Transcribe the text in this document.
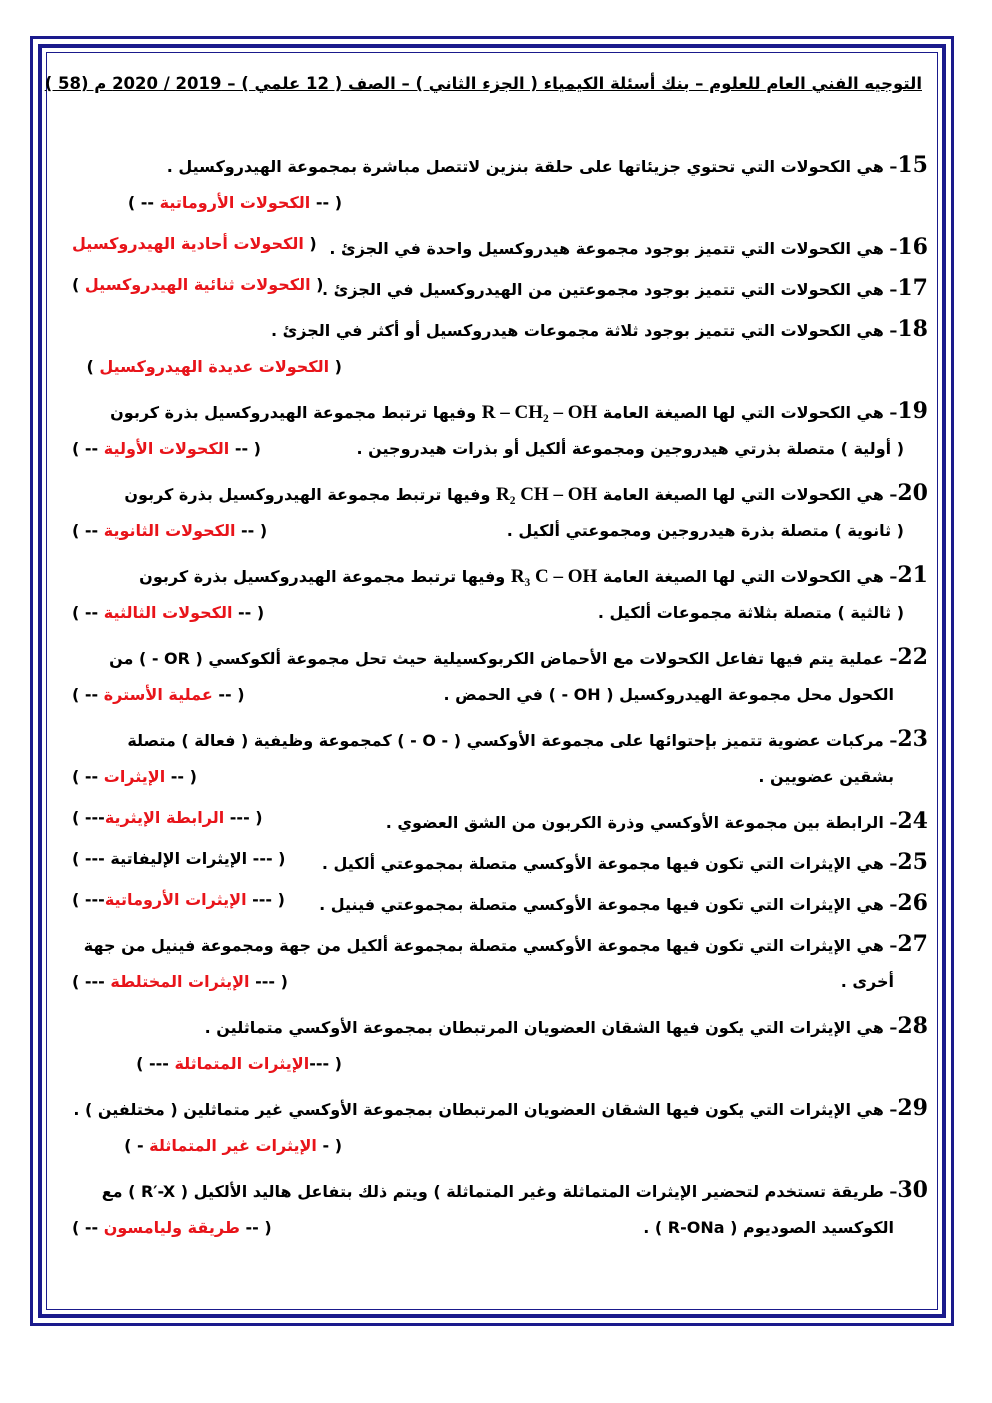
التوجيه الفني العام للعلوم – بنك أسئلة الكيمياء ( الجزء الثاني ) – الصف ( 12 علمي ) – 2019 / 2020 م (58 )
15– هي الكحولات التي تحتوي جزيئاتها على حلقة بنزين لاتتصل مباشرة بمجموعة الهيدروكسيل .
( -- الكحولات الأروماتية -- )
16– هي الكحولات التي تتميز بوجود مجموعة هيدروكسيل واحدة في الجزئ .
( الكحولات أحادية الهيدروكسيل
17– هي الكحولات التي تتميز بوجود مجموعتين من الهيدروكسيل في الجزئ .
( الكحولات ثنائية الهيدروكسيل )
18– هي الكحولات التي تتميز بوجود ثلاثة مجموعات هيدروكسيل أو أكثر في الجزئ .
( الكحولات عديدة الهيدروكسيل )
19– هي الكحولات التي لها الصيغة العامة R – CH₂ – OH وفيها ترتبط مجموعة الهيدروكسيل بذرة كربون
( أولية ) متصلة بذرتي هيدروجين ومجموعة ألكيل أو بذرات هيدروجين .
( -- الكحولات الأولية -- )
20– هي الكحولات التي لها الصيغة العامة R₂ CH – OH وفيها ترتبط مجموعة الهيدروكسيل بذرة كربون
( ثانوية ) متصلة بذرة هيدروجين ومجموعتي ألكيل .
( -- الكحولات الثانوية -- )
21– هي الكحولات التي لها الصيغة العامة R₃ C – OH وفيها ترتبط مجموعة الهيدروكسيل بذرة كربون
( ثالثية ) متصلة بثلاثة مجموعات ألكيل .
( -- الكحولات الثالثية -- )
22– عملية يتم فيها تفاعل الكحولات مع الأحماض الكربوكسيلية حيث تحل مجموعة ألكوكسي ( OR - ) من
الكحول محل مجموعة الهيدروكسيل ( OH - ) في الحمض .
( -- عملية الأسترة -- )
23– مركبات عضوية تتميز بإحتوائها على مجموعة الأوكسي ( - O - ) كمجموعة وظيفية ( فعالة ) متصلة
بشقين عضويين .
( -- الإيثرات -- )
24– الرابطة بين مجموعة الأوكسي وذرة الكربون من الشق العضوي .
( --- الرابطة الإيثرية--- )
25– هي الإيثرات التي تكون فيها مجموعة الأوكسي متصلة بمجموعتي ألكيل .
( --- الإيثرات الإليفاتية --- )
26– هي الإيثرات التي تكون فيها مجموعة الأوكسي متصلة بمجموعتي فينيل .
( --- الإيثرات الأروماتية--- )
27– هي الإيثرات التي تكون فيها مجموعة الأوكسي متصلة بمجموعة ألكيل من جهة ومجموعة فينيل من جهة
أخرى .
( --- الإيثرات المختلطة --- )
28– هي الإيثرات التي يكون فيها الشقان العضويان المرتبطان بمجموعة الأوكسي متماثلين .
( ---الإيثرات المتماثلة --- )
29– هي الإيثرات التي يكون فيها الشقان العضويان المرتبطان بمجموعة الأوكسي غير متماثلين ( مختلفين ) .
( - الإيثرات غير المتماثلة - )
30– طريقة تستخدم لتحضير الإيثرات المتماثلة وغير المتماثلة ) ويتم ذلك بتفاعل هاليد الألكيل ( R′-X ) مع
الكوكسيد الصوديوم ( R-ONa ) .
( -- طريقة وليامسون -- )
